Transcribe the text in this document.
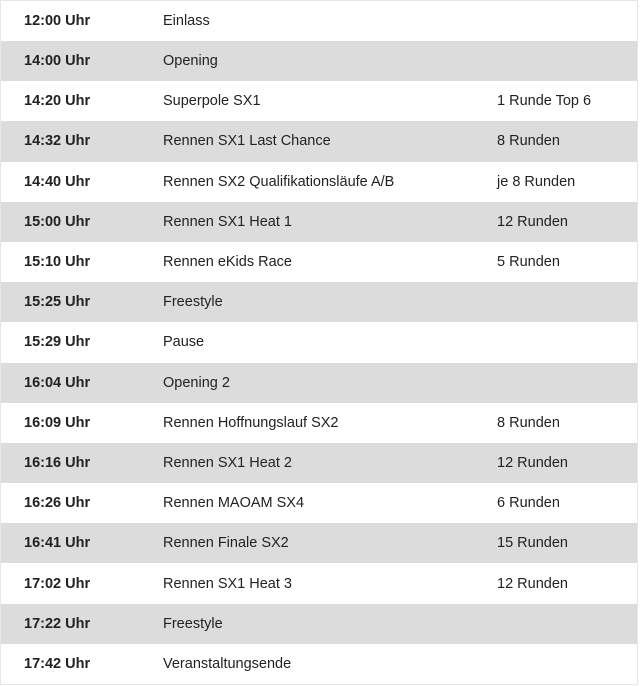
12:00 Uhr	Einlass
14:00 Uhr	Opening
14:20 Uhr	Superpole SX1	1 Runde Top 6
14:32 Uhr	Rennen SX1 Last Chance	8 Runden
14:40 Uhr	Rennen SX2 Qualifikationsläufe A/B	je 8 Runden
15:00 Uhr	Rennen SX1 Heat 1	12 Runden
15:10 Uhr	Rennen eKids Race	5 Runden
15:25 Uhr	Freestyle
15:29 Uhr	Pause
16:04 Uhr	Opening 2
16:09 Uhr	Rennen Hoffnungslauf SX2	8 Runden
16:16 Uhr	Rennen SX1 Heat 2	12 Runden
16:26 Uhr	Rennen MAOAM SX4	6 Runden
16:41 Uhr	Rennen Finale SX2	15 Runden
17:02 Uhr	Rennen SX1 Heat 3	12 Runden
17:22 Uhr	Freestyle
17:42 Uhr	Veranstaltungsende
